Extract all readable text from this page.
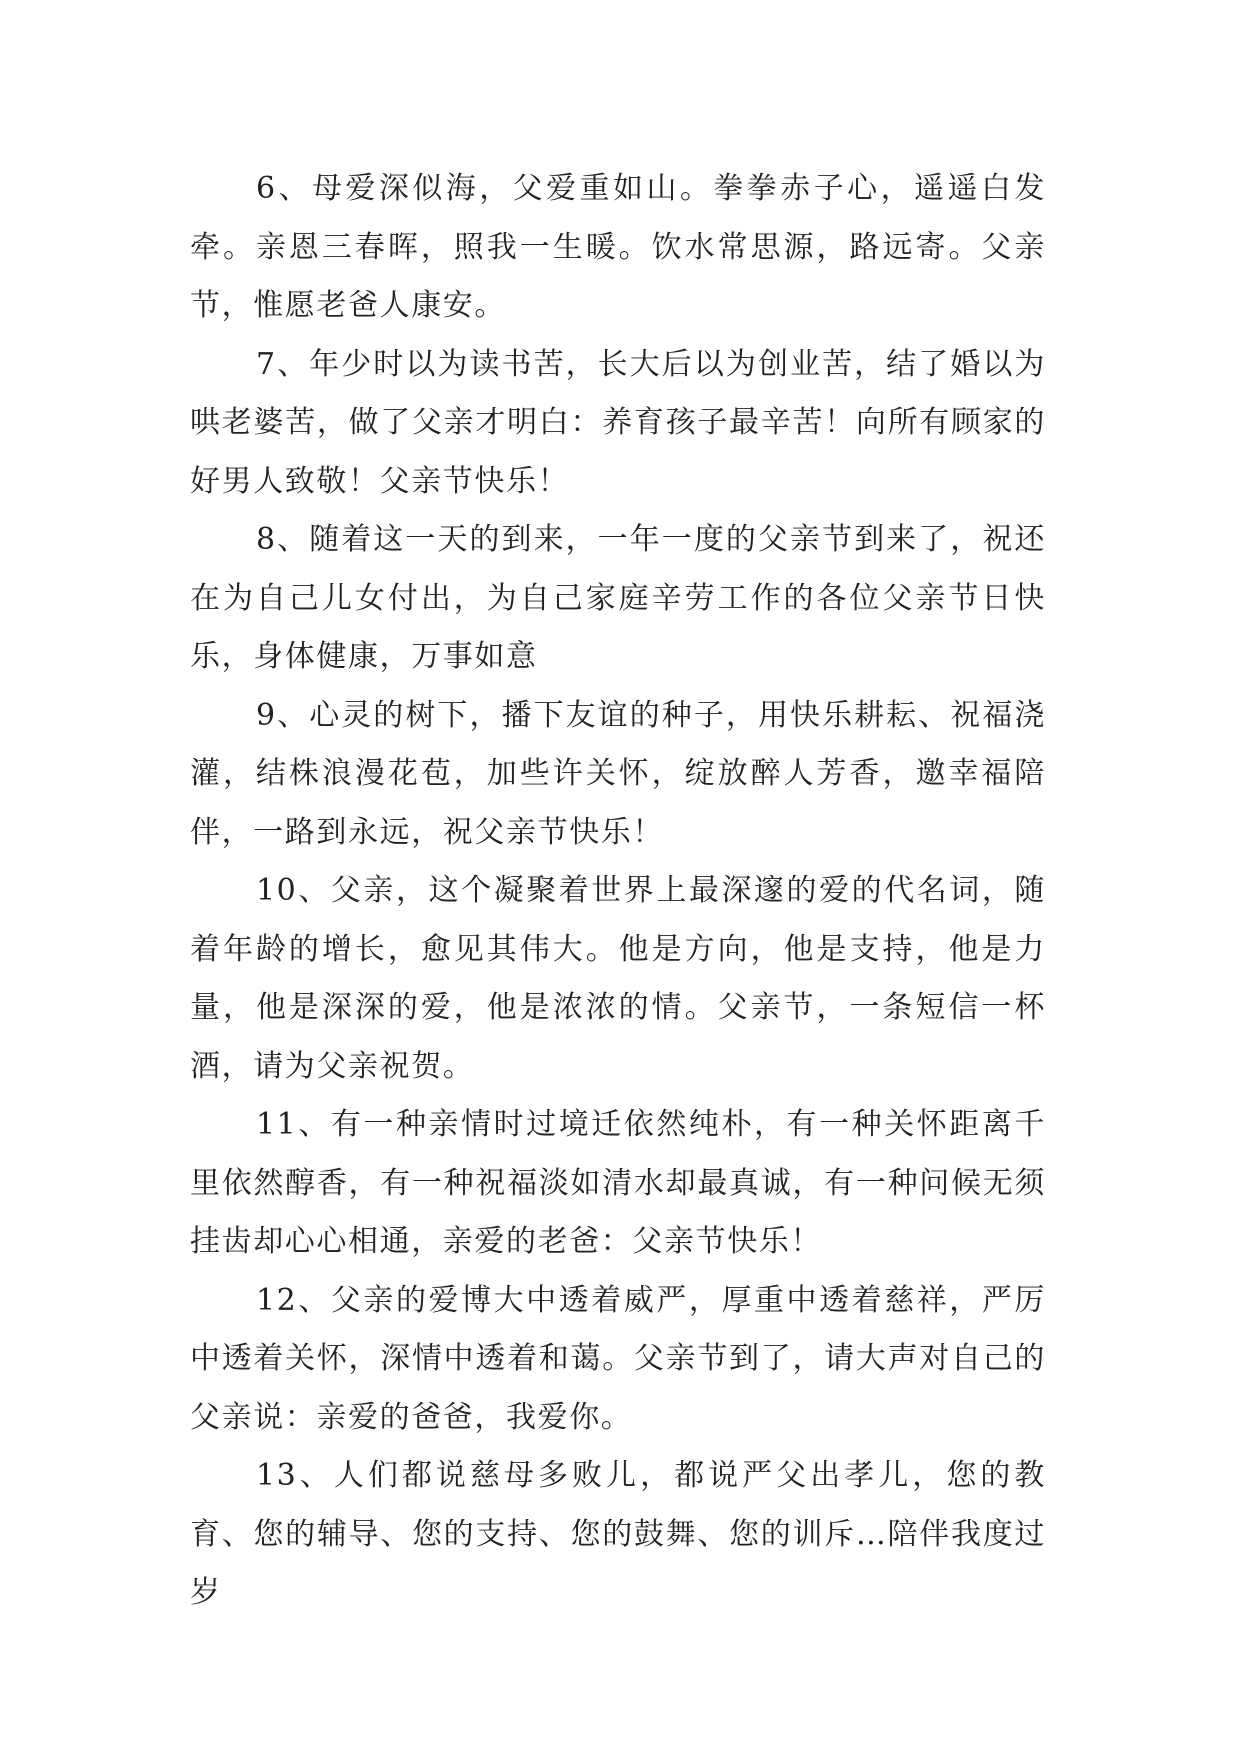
6、母爱深似海，父爱重如山。拳拳赤子心，遥遥白发牵。亲恩三春晖，照我一生暖。饮水常思源，路远寄。父亲节，惟愿老爸人康安。

7、年少时以为读书苦，长大后以为创业苦，结了婚以为哄老婆苦，做了父亲才明白：养育孩子最辛苦！向所有顾家的好男人致敬！父亲节快乐！

8、随着这一天的到来，一年一度的父亲节到来了，祝还在为自己儿女付出，为自己家庭辛劳工作的各位父亲节日快乐，身体健康，万事如意

9、心灵的树下，播下友谊的种子，用快乐耕耘、祝福浇灌，结株浪漫花苞，加些许关怀，绽放醉人芳香，邀幸福陪伴，一路到永远，祝父亲节快乐！

10、父亲，这个凝聚着世界上最深邃的爱的代名词，随着年龄的增长，愈见其伟大。他是方向，他是支持，他是力量，他是深深的爱，他是浓浓的情。父亲节，一条短信一杯酒，请为父亲祝贺。

11、有一种亲情时过境迁依然纯朴，有一种关怀距离千里依然醇香，有一种祝福淡如清水却最真诚，有一种问候无须挂齿却心心相通，亲爱的老爸：父亲节快乐！

12、父亲的爱博大中透着威严，厚重中透着慈祥，严厉中透着关怀，深情中透着和蔼。父亲节到了，请大声对自己的父亲说：亲爱的爸爸，我爱你。

13、人们都说慈母多败儿，都说严父出孝儿，您的教育、您的辅导、您的支持、您的鼓舞、您的训斥…陪伴我度过岁
